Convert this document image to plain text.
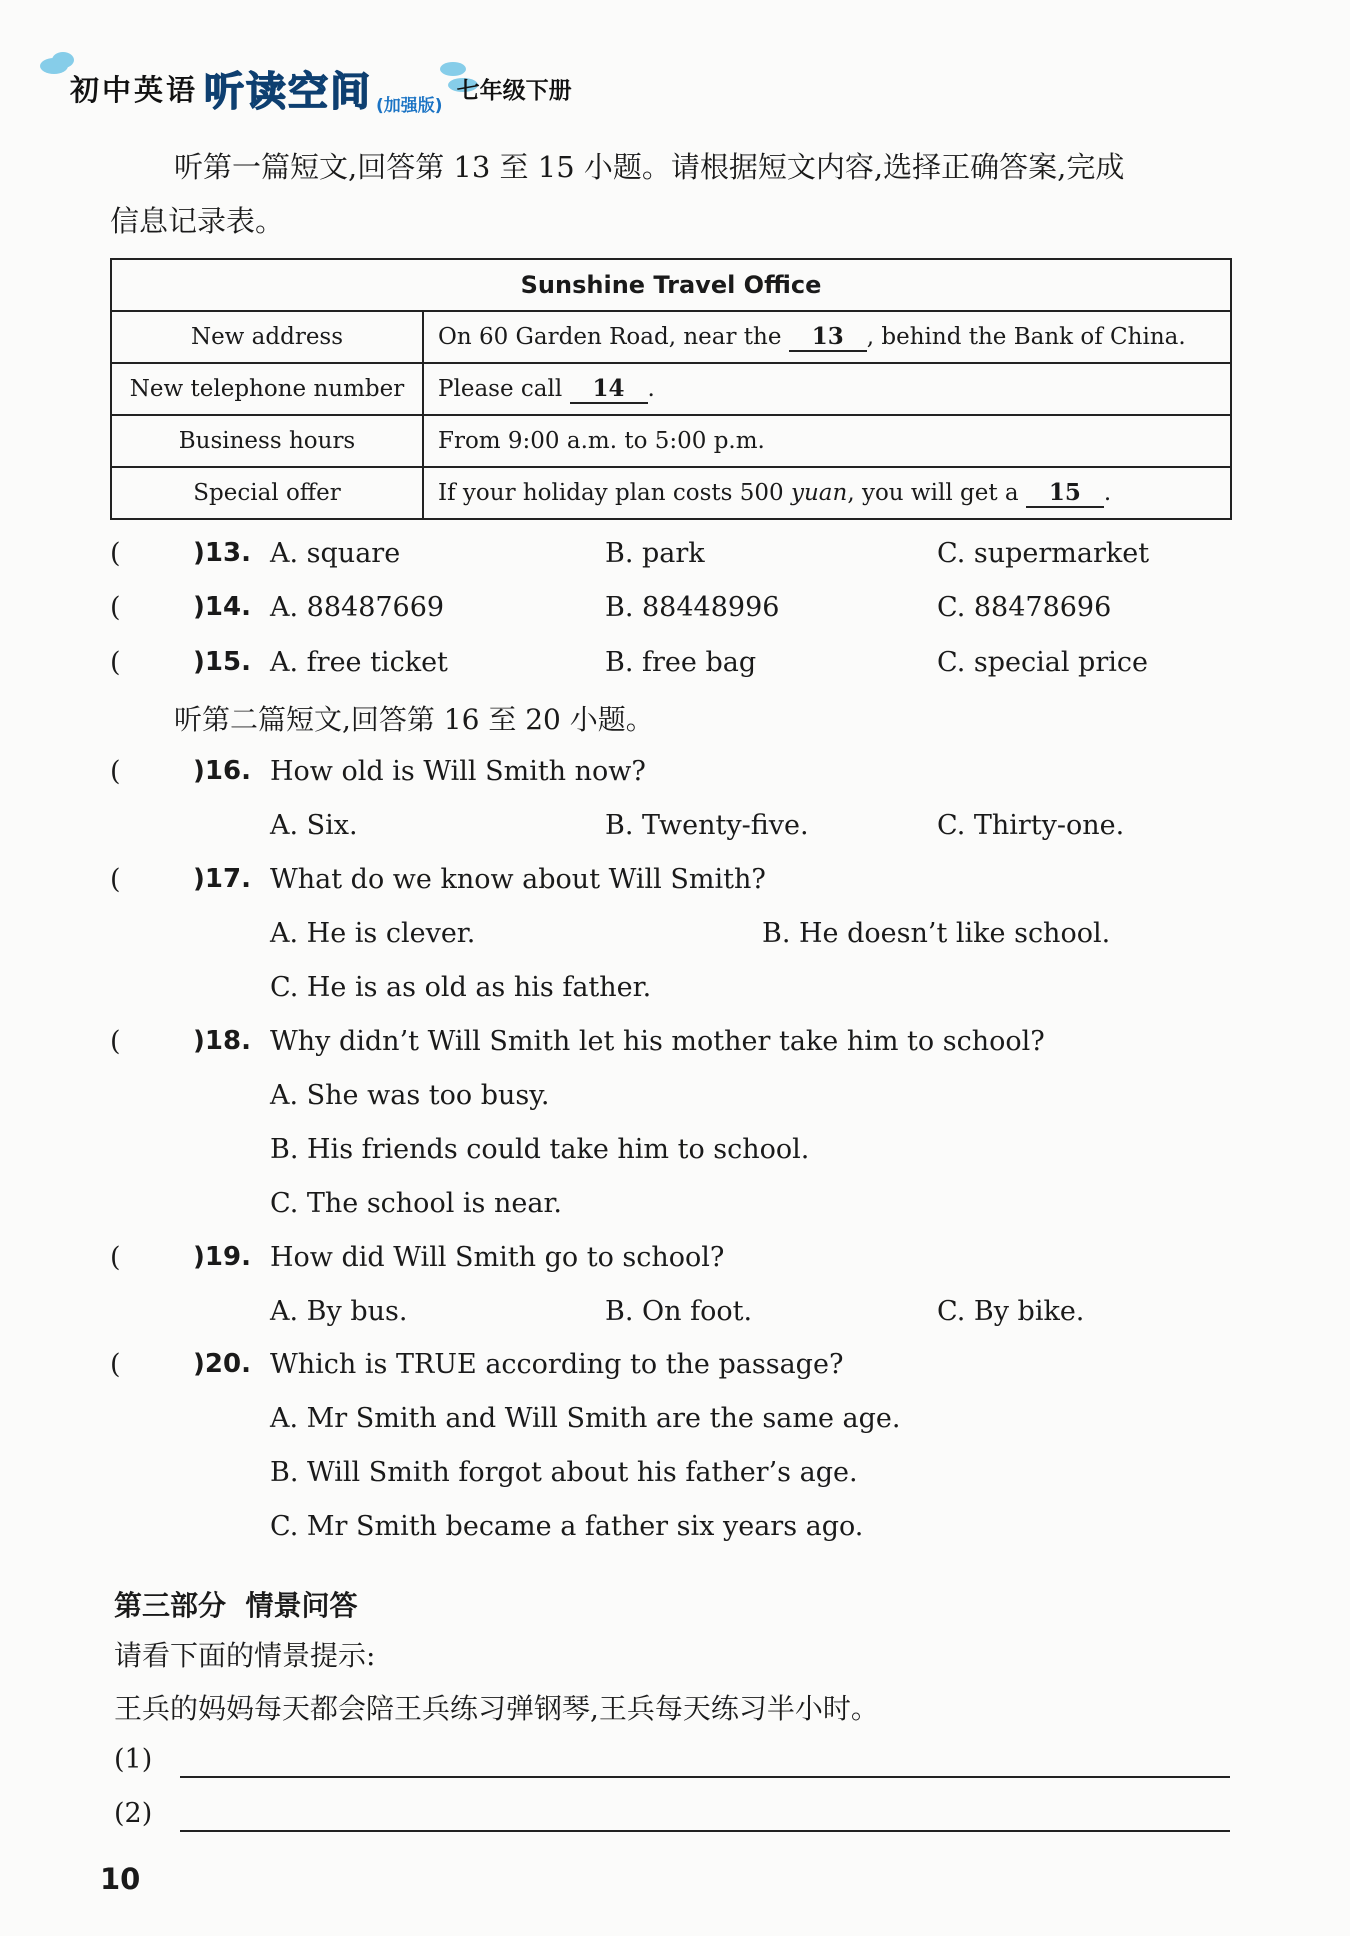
初中英语 听读空间 (加强版)
七年级下册
听第一篇短文,回答第 13 至 15 小题。请根据短文内容,选择正确答案,完成
信息记录表。
Sunshine Travel Office	
New address	On 60 Garden Road, near the 13 , behind the Bank of China.
New telephone number	Please call 14 .
Business hours	From 9:00 a.m. to 5:00 p.m.
Special offer	If your holiday plan costs 500 yuan, you will get a 15 .
(	)13. A. square	B. park	C. supermarket
(	)14. A. 88487669	B. 88448996	C. 88478696
(	)15. A. free ticket	B. free bag	C. special price
听第二篇短文,回答第 16 至 20 小题。
(	)16. How old is Will Smith now?
A. Six.	B. Twenty-five.	C. Thirty-one.
(	)17. What do we know about Will Smith?
A. He is clever.	B. He doesn’t like school.
C. He is as old as his father.
(	)18. Why didn’t Will Smith let his mother take him to school?
A. She was too busy.
B. His friends could take him to school.
C. The school is near.
(	)19. How did Will Smith go to school?
A. By bus.	B. On foot.	C. By bike.
(	)20. Which is TRUE according to the passage?
A. Mr Smith and Will Smith are the same age.
B. Will Smith forgot about his father’s age.
C. Mr Smith became a father six years ago.
第三部分  情景问答
请看下面的情景提示:
王兵的妈妈每天都会陪王兵练习弹钢琴,王兵每天练习半小时。
(1)
(2)
10
